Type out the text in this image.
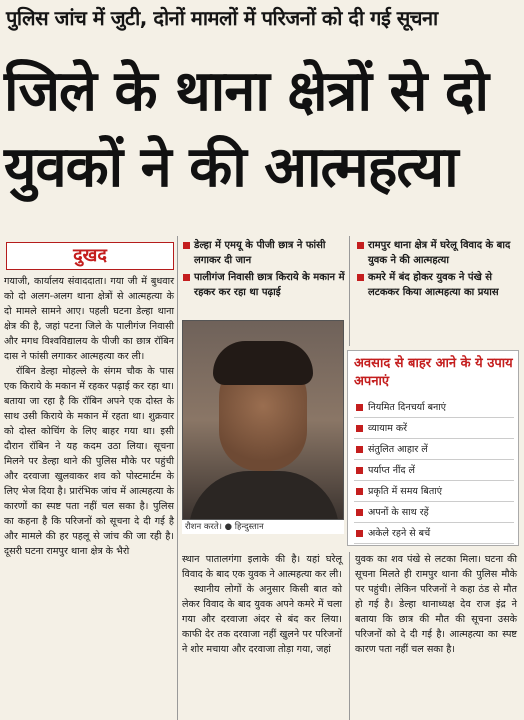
पुलिस जांच में जुटी, दोनों मामलों में परिजनों को दी गई सूचना
जिले के थाना क्षेत्रों से दो
युवकों ने की आत्महत्या
दुखद	डेल्हा में एमयू के पीजी छात्र ने फांसी लगाकर दी जान
पालीगंज निवासी छात्र किराये के मकान में रहकर कर रहा था पढ़ाई
रामपुर थाना क्षेत्र में घरेलू विवाद के बाद युवक ने की आत्महत्या
कमरे में बंद होकर युवक ने पंखे से लटककर किया आत्महत्या का प्रयास

गयाजी, कार्यालय संवाददाता। गया जी में बुधवार को दो अलग-अलग थाना क्षेत्रों से आत्महत्या के दो मामले सामने आए। पहली घटना डेल्हा थाना क्षेत्र की है, जहां पटना जिले के पालीगंज निवासी और मगध विश्वविद्यालय के पीजी का छात्र रॉबिन दास ने फांसी लगाकर आत्महत्या कर ली।

रॉबिन डेल्हा मोहल्ले के संगम चौक के पास एक किराये के मकान में रहकर पढ़ाई कर रहा था। बताया जा रहा है कि रॉबिन अपने एक दोस्त के साथ उसी किराये के मकान में रहता था। शुक्रवार को दोस्त कोचिंग के लिए बाहर गया था। इसी दौरान रॉबिन ने यह कदम उठा लिया। सूचना मिलने पर डेल्हा थाने की पुलिस मौके पर पहुंची और दरवाजा खुलवाकर शव को पोस्टमार्टम के लिए भेज दिया है। प्रारंभिक जांच में आत्महत्या के कारणों का स्पष्ट पता नहीं चल सका है। पुलिस का कहना है कि परिजनों को सूचना दे दी गई है और मामले की हर पहलू से जांच की जा रही है। दूसरी घटना रामपुर थाना क्षेत्र के भैरो

रौशन करते। ● हिन्दुस्तान
अवसाद से बाहर आने के ये उपाय अपनाएं
नियमित दिनचर्या बनाएं
व्यायाम करें
संतुलित आहार लें
पर्याप्त नींद लें
प्रकृति में समय बिताएं
अपनों के साथ रहें
अकेले रहने से बचें

स्थान पातालगंगा इलाके की है। यहां घरेलू विवाद के बाद एक युवक ने आत्महत्या कर ली।

स्थानीय लोगों के अनुसार किसी बात को लेकर विवाद के बाद युवक अपने कमरे में चला गया और दरवाजा अंदर से बंद कर लिया। काफी देर तक दरवाजा नहीं खुलने पर परिजनों ने शोर मचाया और दरवाजा तोड़ा गया, जहां

युवक का शव पंखे से लटका मिला। घटना की सूचना मिलते ही रामपुर थाना की पुलिस मौके पर पहुंची। लेकिन परिजनों ने कहा ठंड से मौत हो गई है। डेल्हा थानाध्यक्ष देव राज इंद्र ने बताया कि छात्र की मौत की सूचना उसके परिजनों को दे दी गई है। आत्महत्या का स्पष्ट कारण पता नहीं चल सका है।
